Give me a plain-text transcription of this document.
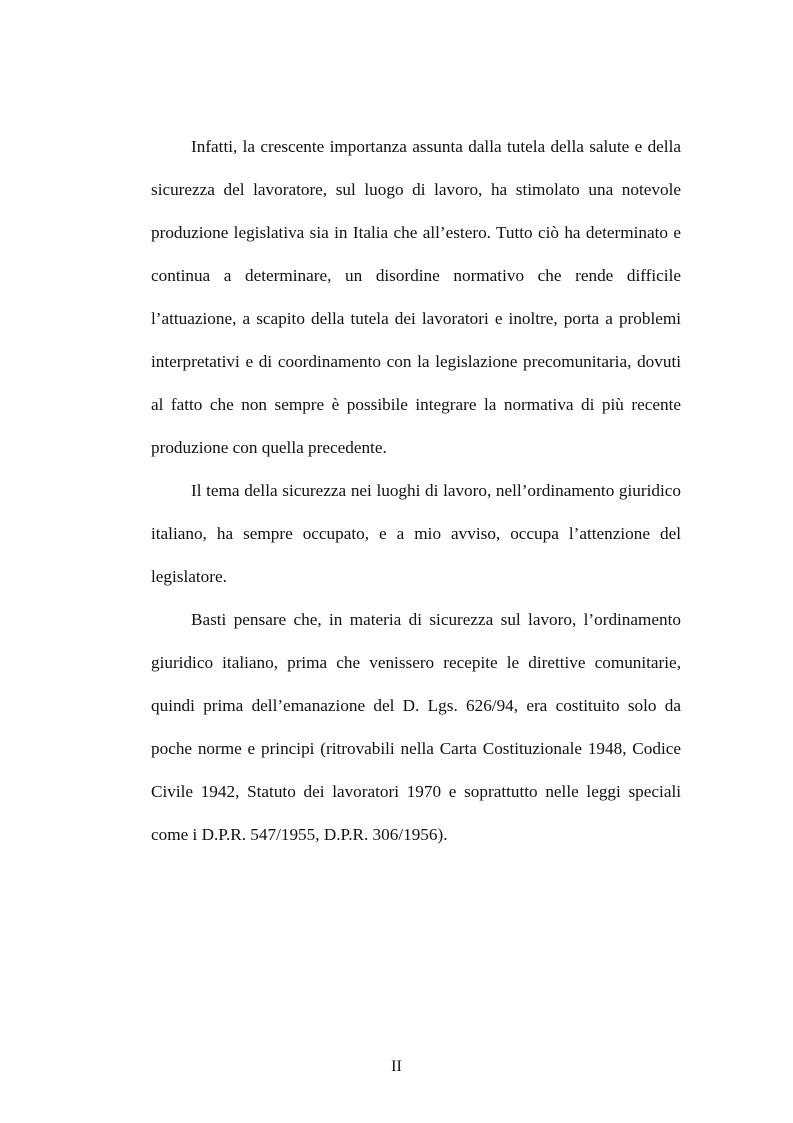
Infatti, la crescente importanza assunta dalla tutela della salute e della sicurezza del lavoratore, sul luogo di lavoro, ha stimolato una notevole produzione legislativa sia in Italia che all’estero. Tutto ciò ha determinato e continua a determinare, un disordine normativo che rende difficile l’attuazione, a scapito della tutela dei lavoratori e inoltre, porta a problemi interpretativi e di coordinamento con la legislazione precomunitaria, dovuti al fatto che non sempre è possibile integrare la normativa di più recente produzione con quella precedente.

Il tema della sicurezza nei luoghi di lavoro, nell’ordinamento giuridico italiano, ha sempre occupato, e a mio avviso, occupa l’attenzione del legislatore.

Basti pensare che, in materia di sicurezza sul lavoro, l’ordinamento giuridico italiano, prima che venissero recepite le direttive comunitarie, quindi prima dell’emanazione del D. Lgs. 626/94, era costituito solo da poche norme e principi (ritrovabili nella Carta Costituzionale 1948, Codice Civile 1942, Statuto dei lavoratori 1970 e soprattutto nelle leggi speciali come i D.P.R. 547/1955, D.P.R. 306/1956).

II
